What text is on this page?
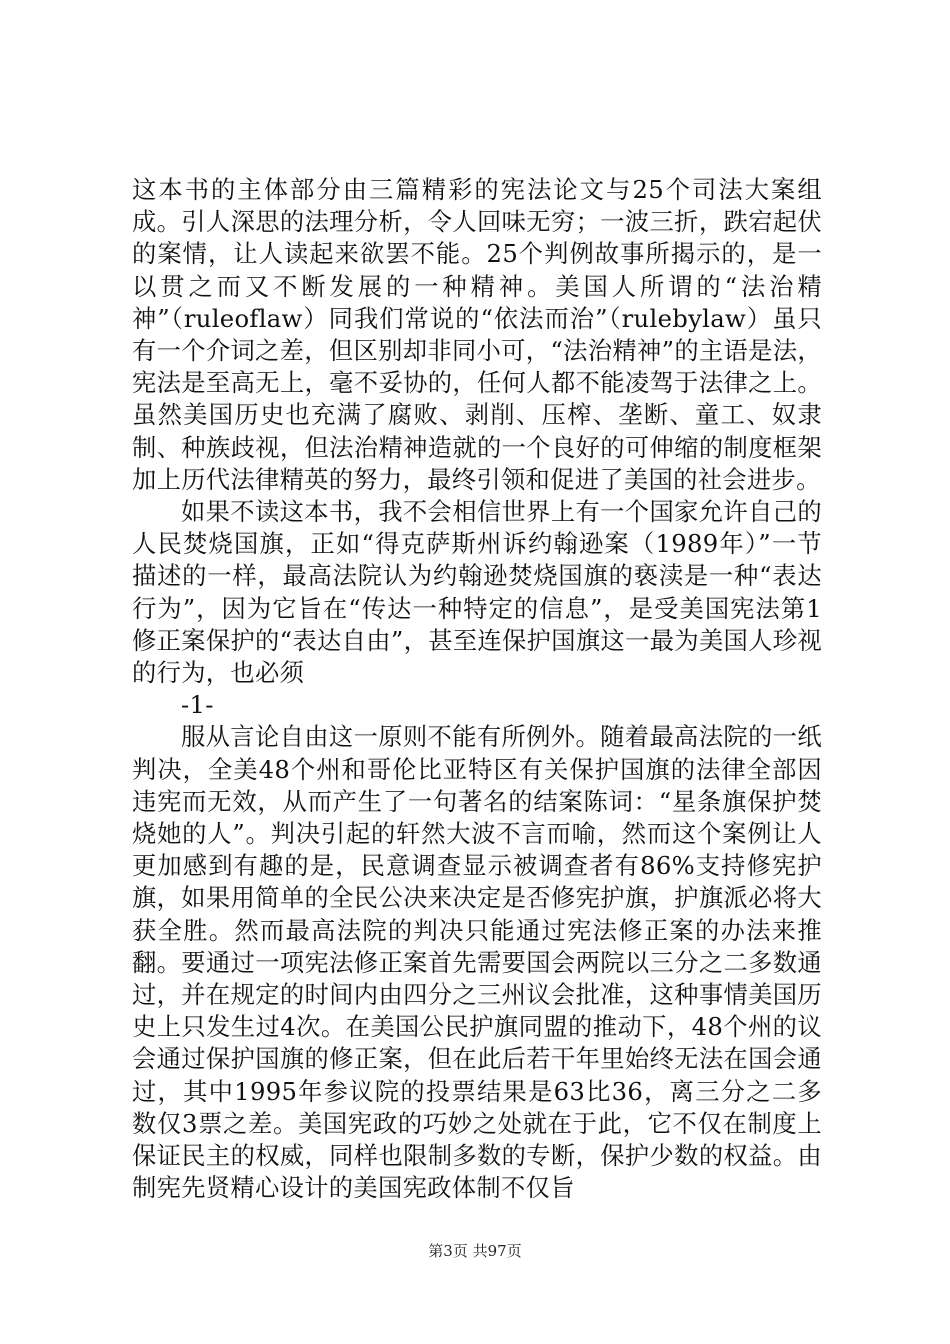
这本书的主体部分由三篇精彩的宪法论文与25个司法大案组成。引人深思的法理分析，令人回味无穷；一波三折，跌宕起伏的案情，让人读起来欲罢不能。25个判例故事所揭示的，是一以贯之而又不断发展的一种精神。美国人所谓的“法治精神”（ruleoflaw）同我们常说的“依法而治”（rulebylaw）虽只有一个介词之差，但区别却非同小可，“法治精神”的主语是法，宪法是至高无上，毫不妥协的，任何人都不能凌驾于法律之上。虽然美国历史也充满了腐败、剥削、压榨、垄断、童工、奴隶制、种族歧视，但法治精神造就的一个良好的可伸缩的制度框架加上历代法律精英的努力，最终引领和促进了美国的社会进步。

如果不读这本书，我不会相信世界上有一个国家允许自己的人民焚烧国旗，正如“得克萨斯州诉约翰逊案（1989年）”一节描述的一样，最高法院认为约翰逊焚烧国旗的亵渎是一种“表达行为”，因为它旨在“传达一种特定的信息”，是受美国宪法第1修正案保护的“表达自由”，甚至连保护国旗这一最为美国人珍视的行为，也必须

-1-

服从言论自由这一原则不能有所例外。随着最高法院的一纸判决，全美48个州和哥伦比亚特区有关保护国旗的法律全部因违宪而无效，从而产生了一句著名的结案陈词：“星条旗保护焚烧她的人”。判决引起的轩然大波不言而喻，然而这个案例让人更加感到有趣的是，民意调查显示被调查者有86%支持修宪护旗，如果用简单的全民公决来决定是否修宪护旗，护旗派必将大获全胜。然而最高法院的判决只能通过宪法修正案的办法来推翻。要通过一项宪法修正案首先需要国会两院以三分之二多数通过，并在规定的时间内由四分之三州议会批准，这种事情美国历史上只发生过4次。在美国公民护旗同盟的推动下，48个州的议会通过保护国旗的修正案，但在此后若干年里始终无法在国会通过，其中1995年参议院的投票结果是63比36，离三分之二多数仅3票之差。美国宪政的巧妙之处就在于此，它不仅在制度上保证民主的权威，同样也限制多数的专断，保护少数的权益。由制宪先贤精心设计的美国宪政体制不仅旨

第3页 共97页
